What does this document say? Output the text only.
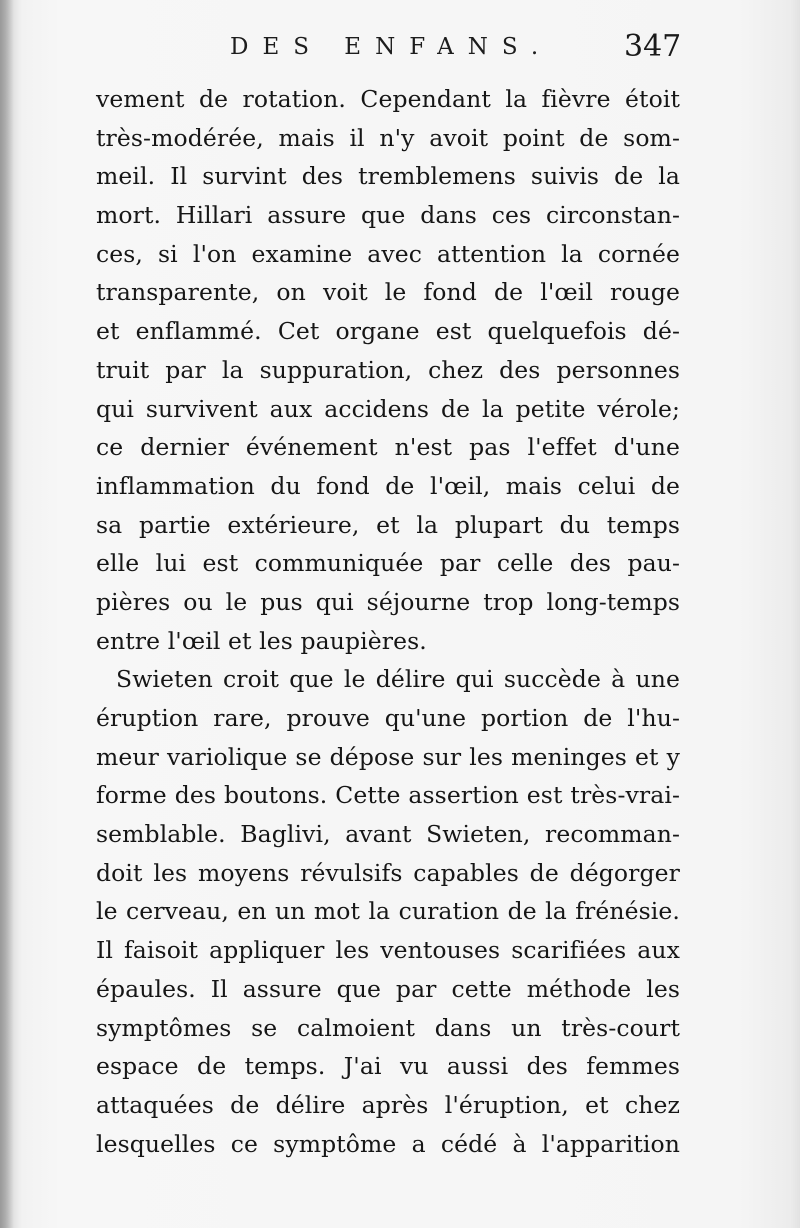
DES ENFANS. 347
vement de rotation. Cependant la fièvre étoit
très-modérée, mais il n'y avoit point de som-
meil. Il survint des tremblemens suivis de la
mort. Hillari assure que dans ces circonstan-
ces, si l'on examine avec attention la cornée
transparente, on voit le fond de l'œil rouge
et enflammé. Cet organe est quelquefois dé-
truit par la suppuration, chez des personnes
qui survivent aux accidens de la petite vérole;
ce dernier événement n'est pas l'effet d'une
inflammation du fond de l'œil, mais celui de
sa partie extérieure, et la plupart du temps
elle lui est communiquée par celle des pau-
pières ou le pus qui séjourne trop long-temps
entre l'œil et les paupières.
Swieten croit que le délire qui succède à une
éruption rare, prouve qu'une portion de l'hu-
meur variolique se dépose sur les meninges et y
forme des boutons. Cette assertion est très-vrai-
semblable. Baglivi, avant Swieten, recomman-
doit les moyens révulsifs capables de dégorger
le cerveau, en un mot la curation de la frénésie.
Il faisoit appliquer les ventouses scarifiées aux
épaules. Il assure que par cette méthode les
symptômes se calmoient dans un très-court
espace de temps. J'ai vu aussi des femmes
attaquées de délire après l'éruption, et chez
lesquelles ce symptôme a cédé à l'apparition
